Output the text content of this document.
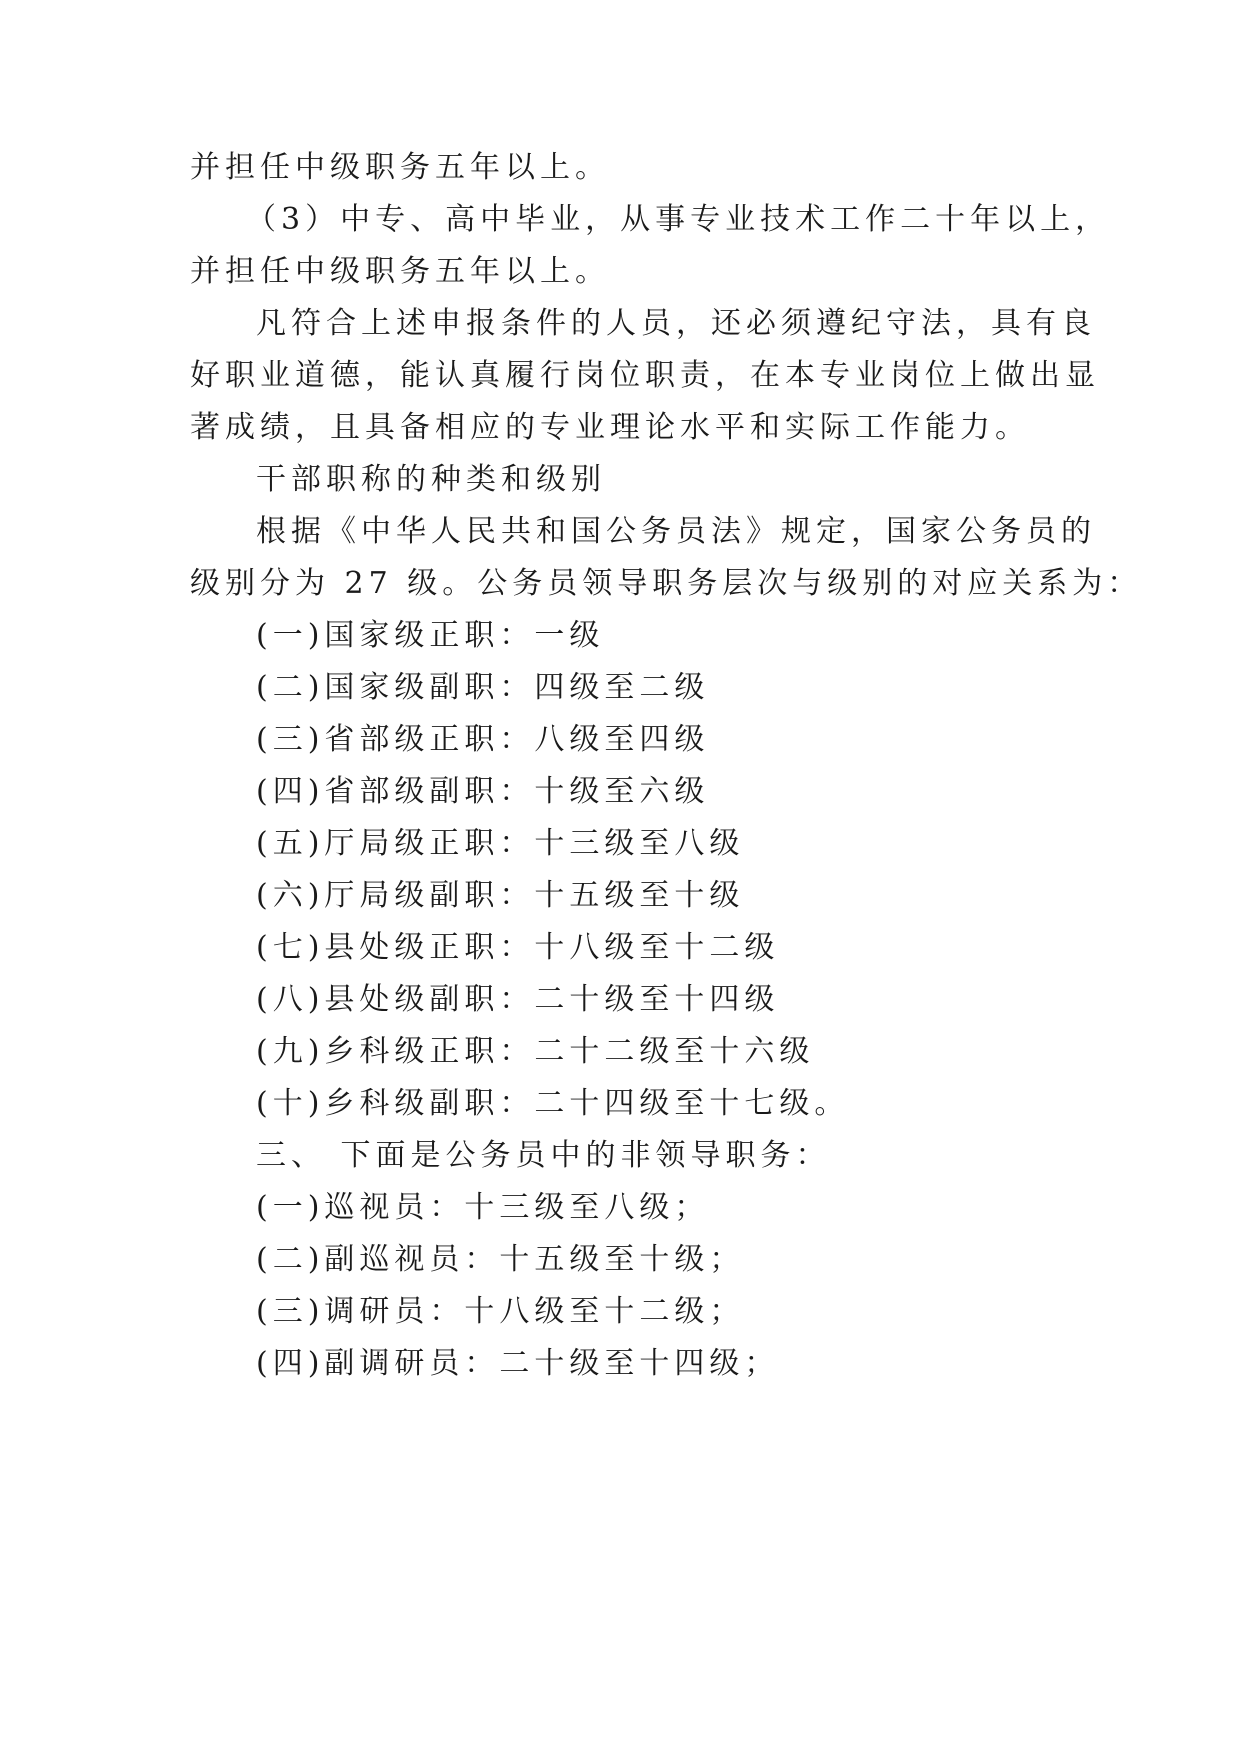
并担任中级职务五年以上。
（3）中专、高中毕业，从事专业技术工作二十年以上，
并担任中级职务五年以上。
凡符合上述申报条件的人员，还必须遵纪守法，具有良
好职业道德，能认真履行岗位职责，在本专业岗位上做出显
著成绩，且具备相应的专业理论水平和实际工作能力。
干部职称的种类和级别
根据《中华人民共和国公务员法》规定，国家公务员的
级别分为 27 级。公务员领导职务层次与级别的对应关系为：
(一)国家级正职：一级
(二)国家级副职：四级至二级
(三)省部级正职：八级至四级
(四)省部级副职：十级至六级
(五)厅局级正职：十三级至八级
(六)厅局级副职：十五级至十级
(七)县处级正职：十八级至十二级
(八)县处级副职：二十级至十四级
(九)乡科级正职：二十二级至十六级
(十)乡科级副职：二十四级至十七级。
三、 下面是公务员中的非领导职务：
(一)巡视员：十三级至八级；
(二)副巡视员：十五级至十级；
(三)调研员：十八级至十二级；
(四)副调研员：二十级至十四级；
